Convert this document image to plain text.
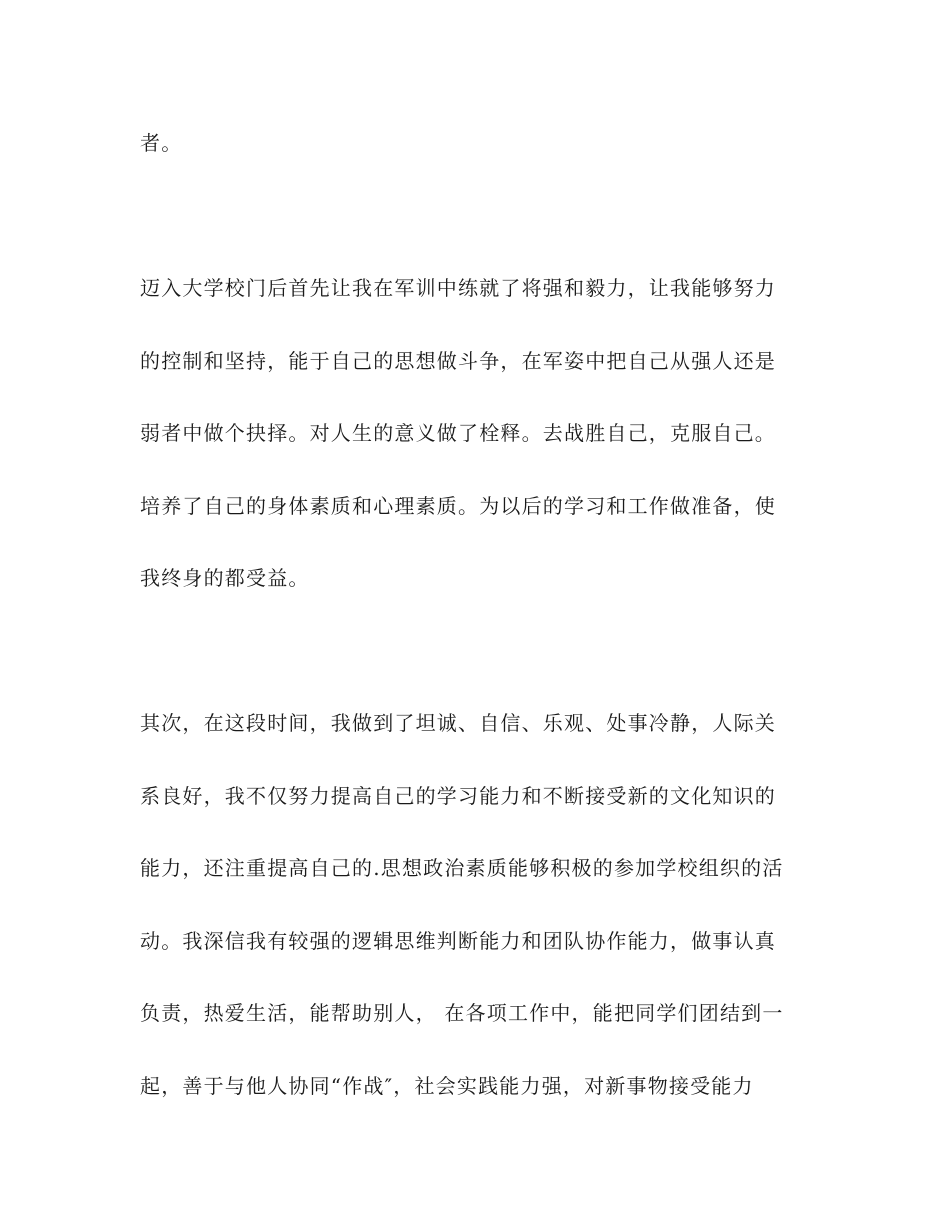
者。
迈入大学校门后首先让我在军训中练就了将强和毅力，让我能够努力
的控制和坚持，能于自己的思想做斗争，在军姿中把自己从强人还是
弱者中做个抉择。对人生的意义做了栓释。去战胜自己，克服自己。
培养了自己的身体素质和心理素质。为以后的学习和工作做准备，使
我终身的都受益。
其次，在这段时间，我做到了坦诚、自信、乐观、处事冷静，人际关
系良好，我不仅努力提高自己的学习能力和不断接受新的文化知识的
能力，还注重提高自己的.思想政治素质能够积极的参加学校组织的活
动。我深信我有较强的逻辑思维判断能力和团队协作能力，做事认真
负责，热爱生活，能帮助别人， 在各项工作中，能把同学们团结到一
起，善于与他人协同“作战″，社会实践能力强，对新事物接受能力
